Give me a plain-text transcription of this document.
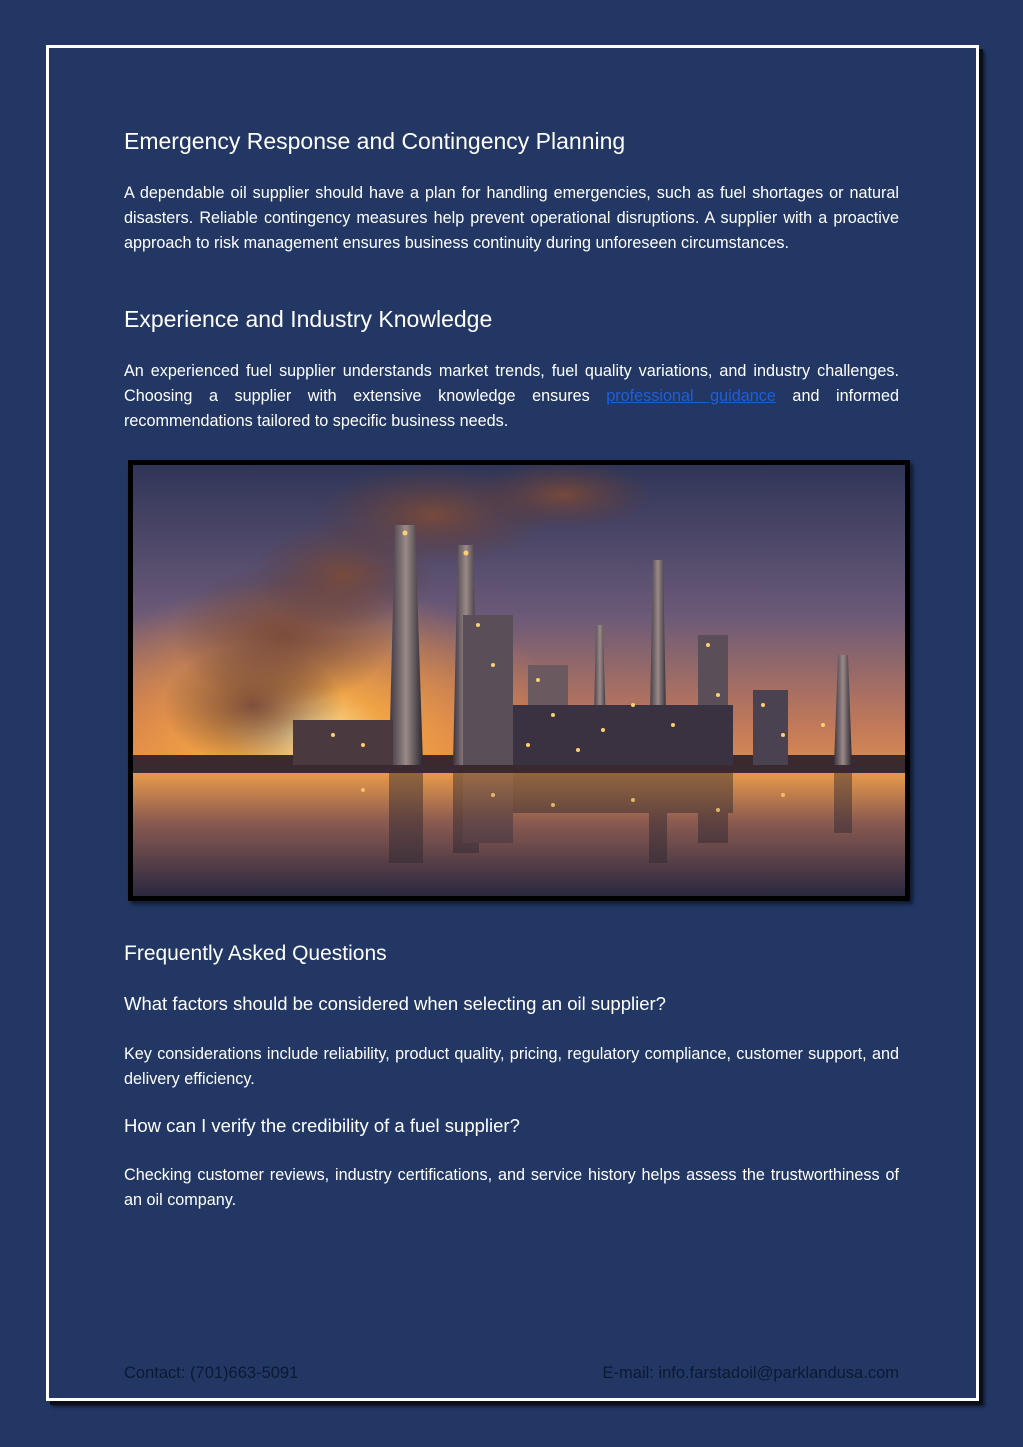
Emergency Response and Contingency Planning

A dependable oil supplier should have a plan for handling emergencies, such as fuel shortages or natural disasters. Reliable contingency measures help prevent operational disruptions. A supplier with a proactive approach to risk management ensures business continuity during unforeseen circumstances.

Experience and Industry Knowledge

An experienced fuel supplier understands market trends, fuel quality variations, and industry challenges. Choosing a supplier with extensive knowledge ensures professional guidance and informed recommendations tailored to specific business needs.

Frequently Asked Questions
What factors should be considered when selecting an oil supplier?

Key considerations include reliability, product quality, pricing, regulatory compliance, customer support, and delivery efficiency.

How can I verify the credibility of a fuel supplier?

Checking customer reviews, industry certifications, and service history helps assess the trustworthiness of an oil company.

Contact: (701)663-5091	E-mail: info.farstadoil@parklandusa.com
